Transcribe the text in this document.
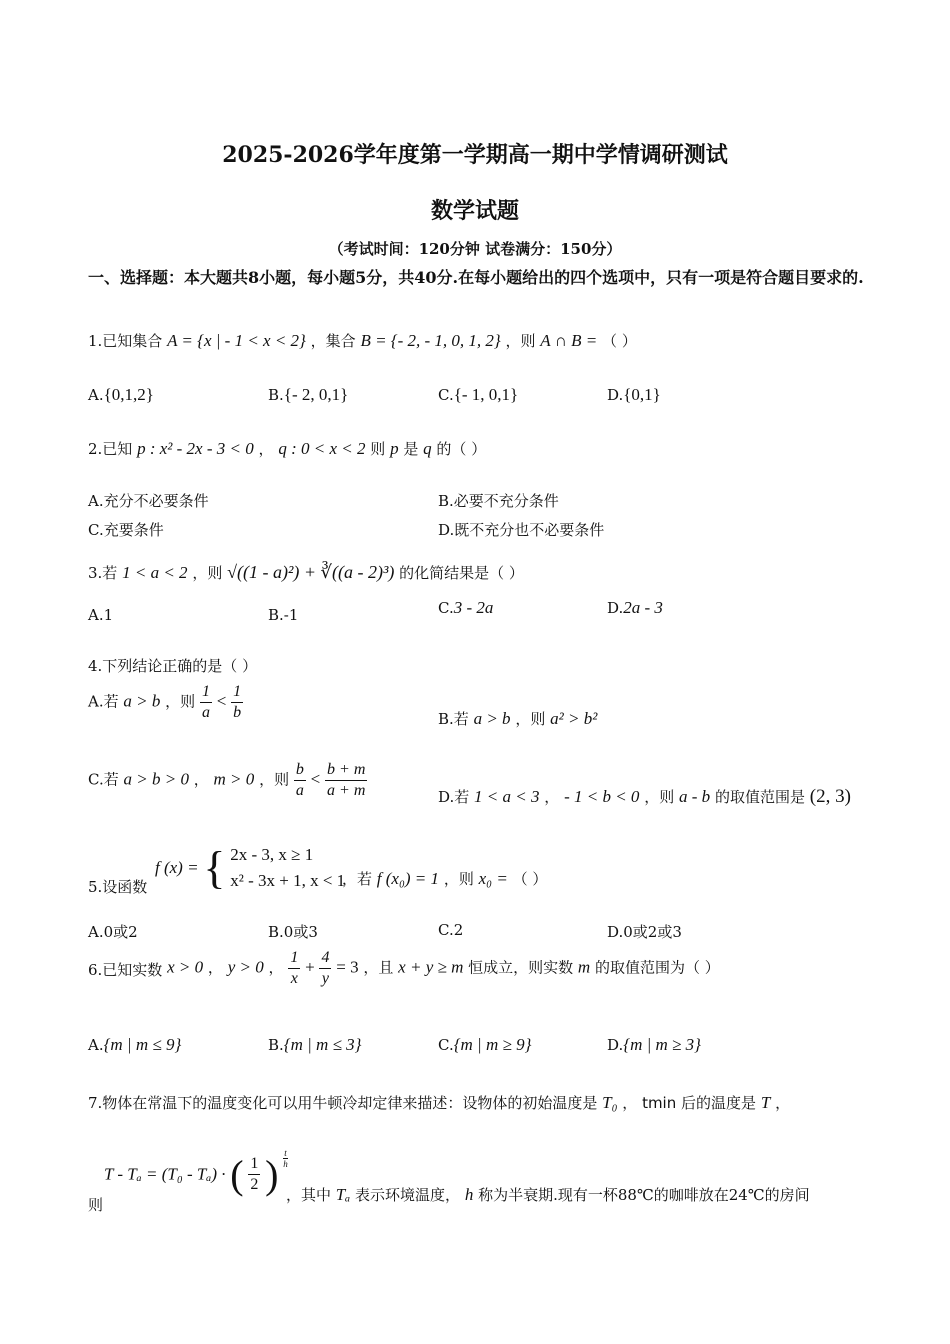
2025-2026学年度第一学期高一期中学情调研测试
数学试题
（考试时间：120分钟 试卷满分：150分）
一、选择题：本大题共8小题，每小题5分，共40分.在每小题给出的四个选项中，只有一项是符合题目要求的.
1.已知集合 A = {x | - 1 < x < 2} ，集合 B = {- 2, - 1, 0, 1, 2} ，则 A ∩ B = （ ）
A.{0,1,2}	B.{- 2, 0,1}	C.{- 1, 0,1}	D.{0,1}
2.已知 p : x² - 2x - 3 < 0 ， q : 0 < x < 2 则 p 是 q 的（ ）
A.充分不必要条件	B.必要不充分条件
C.充要条件	D.既不充分也不必要条件
3.若 1 < a < 2 ，则 √((1 - a)²) + ∛((a - 2)³) 的化简结果是（ ）
A.1	B.-1	C.3 - 2a	D.2a - 3
4.下列结论正确的是（ ）
A.若 a > b ，则 $\frac{1}{a} < \frac{1}{b}$	B.若 a > b ，则 a² > b²
C.若 a > b > 0 ， m > 0 ，则 $\frac{b}{a} < \frac{b + m}{a + m}$	D.若 1 < a < 3 ， - 1 < b < 0 ，则 a - b 的取值范围是 (2, 3)
5.设函数
f (x) = { 2x - 3, x ≥ 1
x² - 3x + 1, x < 1
，若 f (x₀) = 1 ，则 x₀ = （ ）
A.0或2	B.0或3	C.2	D.0或2或3
6.已知实数 x > 0 ， y > 0 ， $\frac{1}{x} + \frac{4}{y} = 3$ ，且 x + y ≥ m 恒成立，则实数 m 的取值范围为（ ）
A.{m | m ≤ 9}	B.{m | m ≤ 3}	C.{m | m ≥ 9}	D.{m | m ≥ 3}
7.物体在常温下的温度变化可以用牛顿冷却定律来描述：设物体的初始温度是 T₀ ， tmin 后的温度是 T ，
则
T - Tₐ = (T₀ - Tₐ) · ( $\frac{1}{2}$ ) $\frac{t}{h}$
，其中 Tₐ 表示环境温度， h 称为半衰期.现有一杯88℃的咖啡放在24℃的房间
